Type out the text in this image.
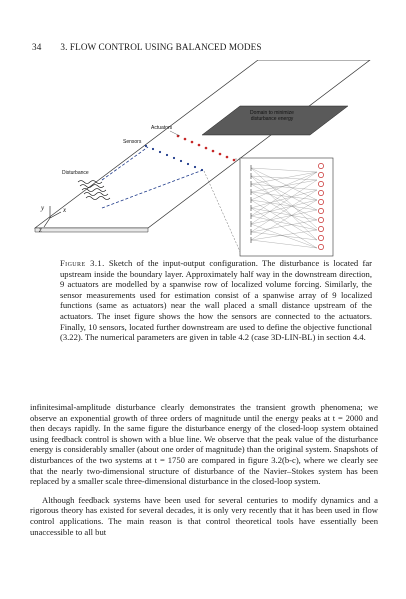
34 3. FLOW CONTROL USING BALANCED MODES
Domain to minimize
disturbance energy
Actuators
Sensors
Disturbance
y	x
z
Figure 3.1. Sketch of the input-output configuration. The disturbance is located far upstream inside the boundary layer. Approximately half way in the downstream direction, 9 actuators are modelled by a spanwise row of localized volume forcing. Similarly, the sensor measurements used for estimation consist of a spanwise array of 9 localized functions (same as actuators) near the wall placed a small distance upstream of the actuators. The inset figure shows the how the sensors are connected to the actuators. Finally, 10 sensors, located further downstream are used to define the objective functional (3.22). The numerical parameters are given in table 4.2 (case 3D-LIN-BL) in section 4.4.

infinitesimal-amplitude disturbance clearly demonstrates the transient growth phenomena; we observe an exponential growth of three orders of magnitude until the energy peaks at t = 2000 and then decays rapidly. In the same figure the disturbance energy of the closed-loop system obtained using feedback control is shown with a blue line. We observe that the peak value of the disturbance energy is considerably smaller (about one order of magnitude) than the original system. Snapshots of disturbances of the two systems at t = 1750 are compared in figure 3.2(b-c), where we clearly see that the nearly two-dimensional structure of disturbance of the Navier–Stokes system has been replaced by a smaller scale three-dimensional disturbance in the closed-loop system.

Although feedback systems have been used for several centuries to modify dynamics and a rigorous theory has existed for several decades, it is only very recently that it has been used in flow control applications. The main reason is that control theoretical tools have essentially been unaccessible to all but
